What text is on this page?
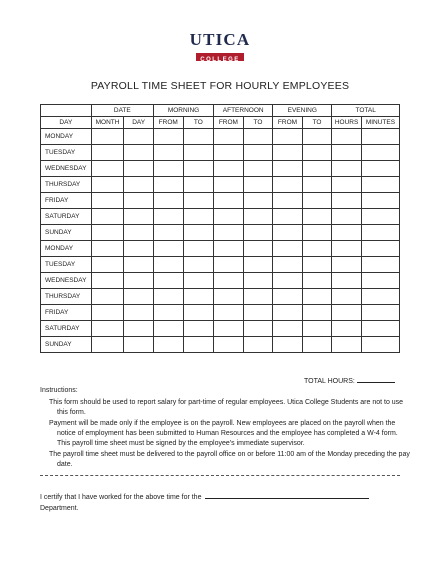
UTICA
COLLEGE
PAYROLL TIME SHEET FOR HOURLY EMPLOYEES
	DATE		MORNING		AFTERNOON		EVENING		TOTAL	
DAY	MONTH	DAY	FROM	TO	FROM	TO	FROM	TO	HOURS	MINUTES
MONDAY										
TUESDAY										
WEDNESDAY										
THURSDAY										
FRIDAY										
SATURDAY										
SUNDAY										
MONDAY										
TUESDAY										
WEDNESDAY										
THURSDAY										
FRIDAY										
SATURDAY										
SUNDAY										
TOTAL HOURS:
Instructions:

This form should be used to report salary for part-time of regular employees. Utica College Students are not to use this form.

Payment will be made only if the employee is on the payroll. New employees are placed on the payroll when the notice of employment has been submitted to Human Resources and the employee has completed a W-4 form. This payroll time sheet must be signed by the employee’s immediate supervisor.

The payroll time sheet must be delivered to the payroll office on or before 11:00 am of the Monday preceding the pay date.

I certify that I have worked for the above time for the
Department.
